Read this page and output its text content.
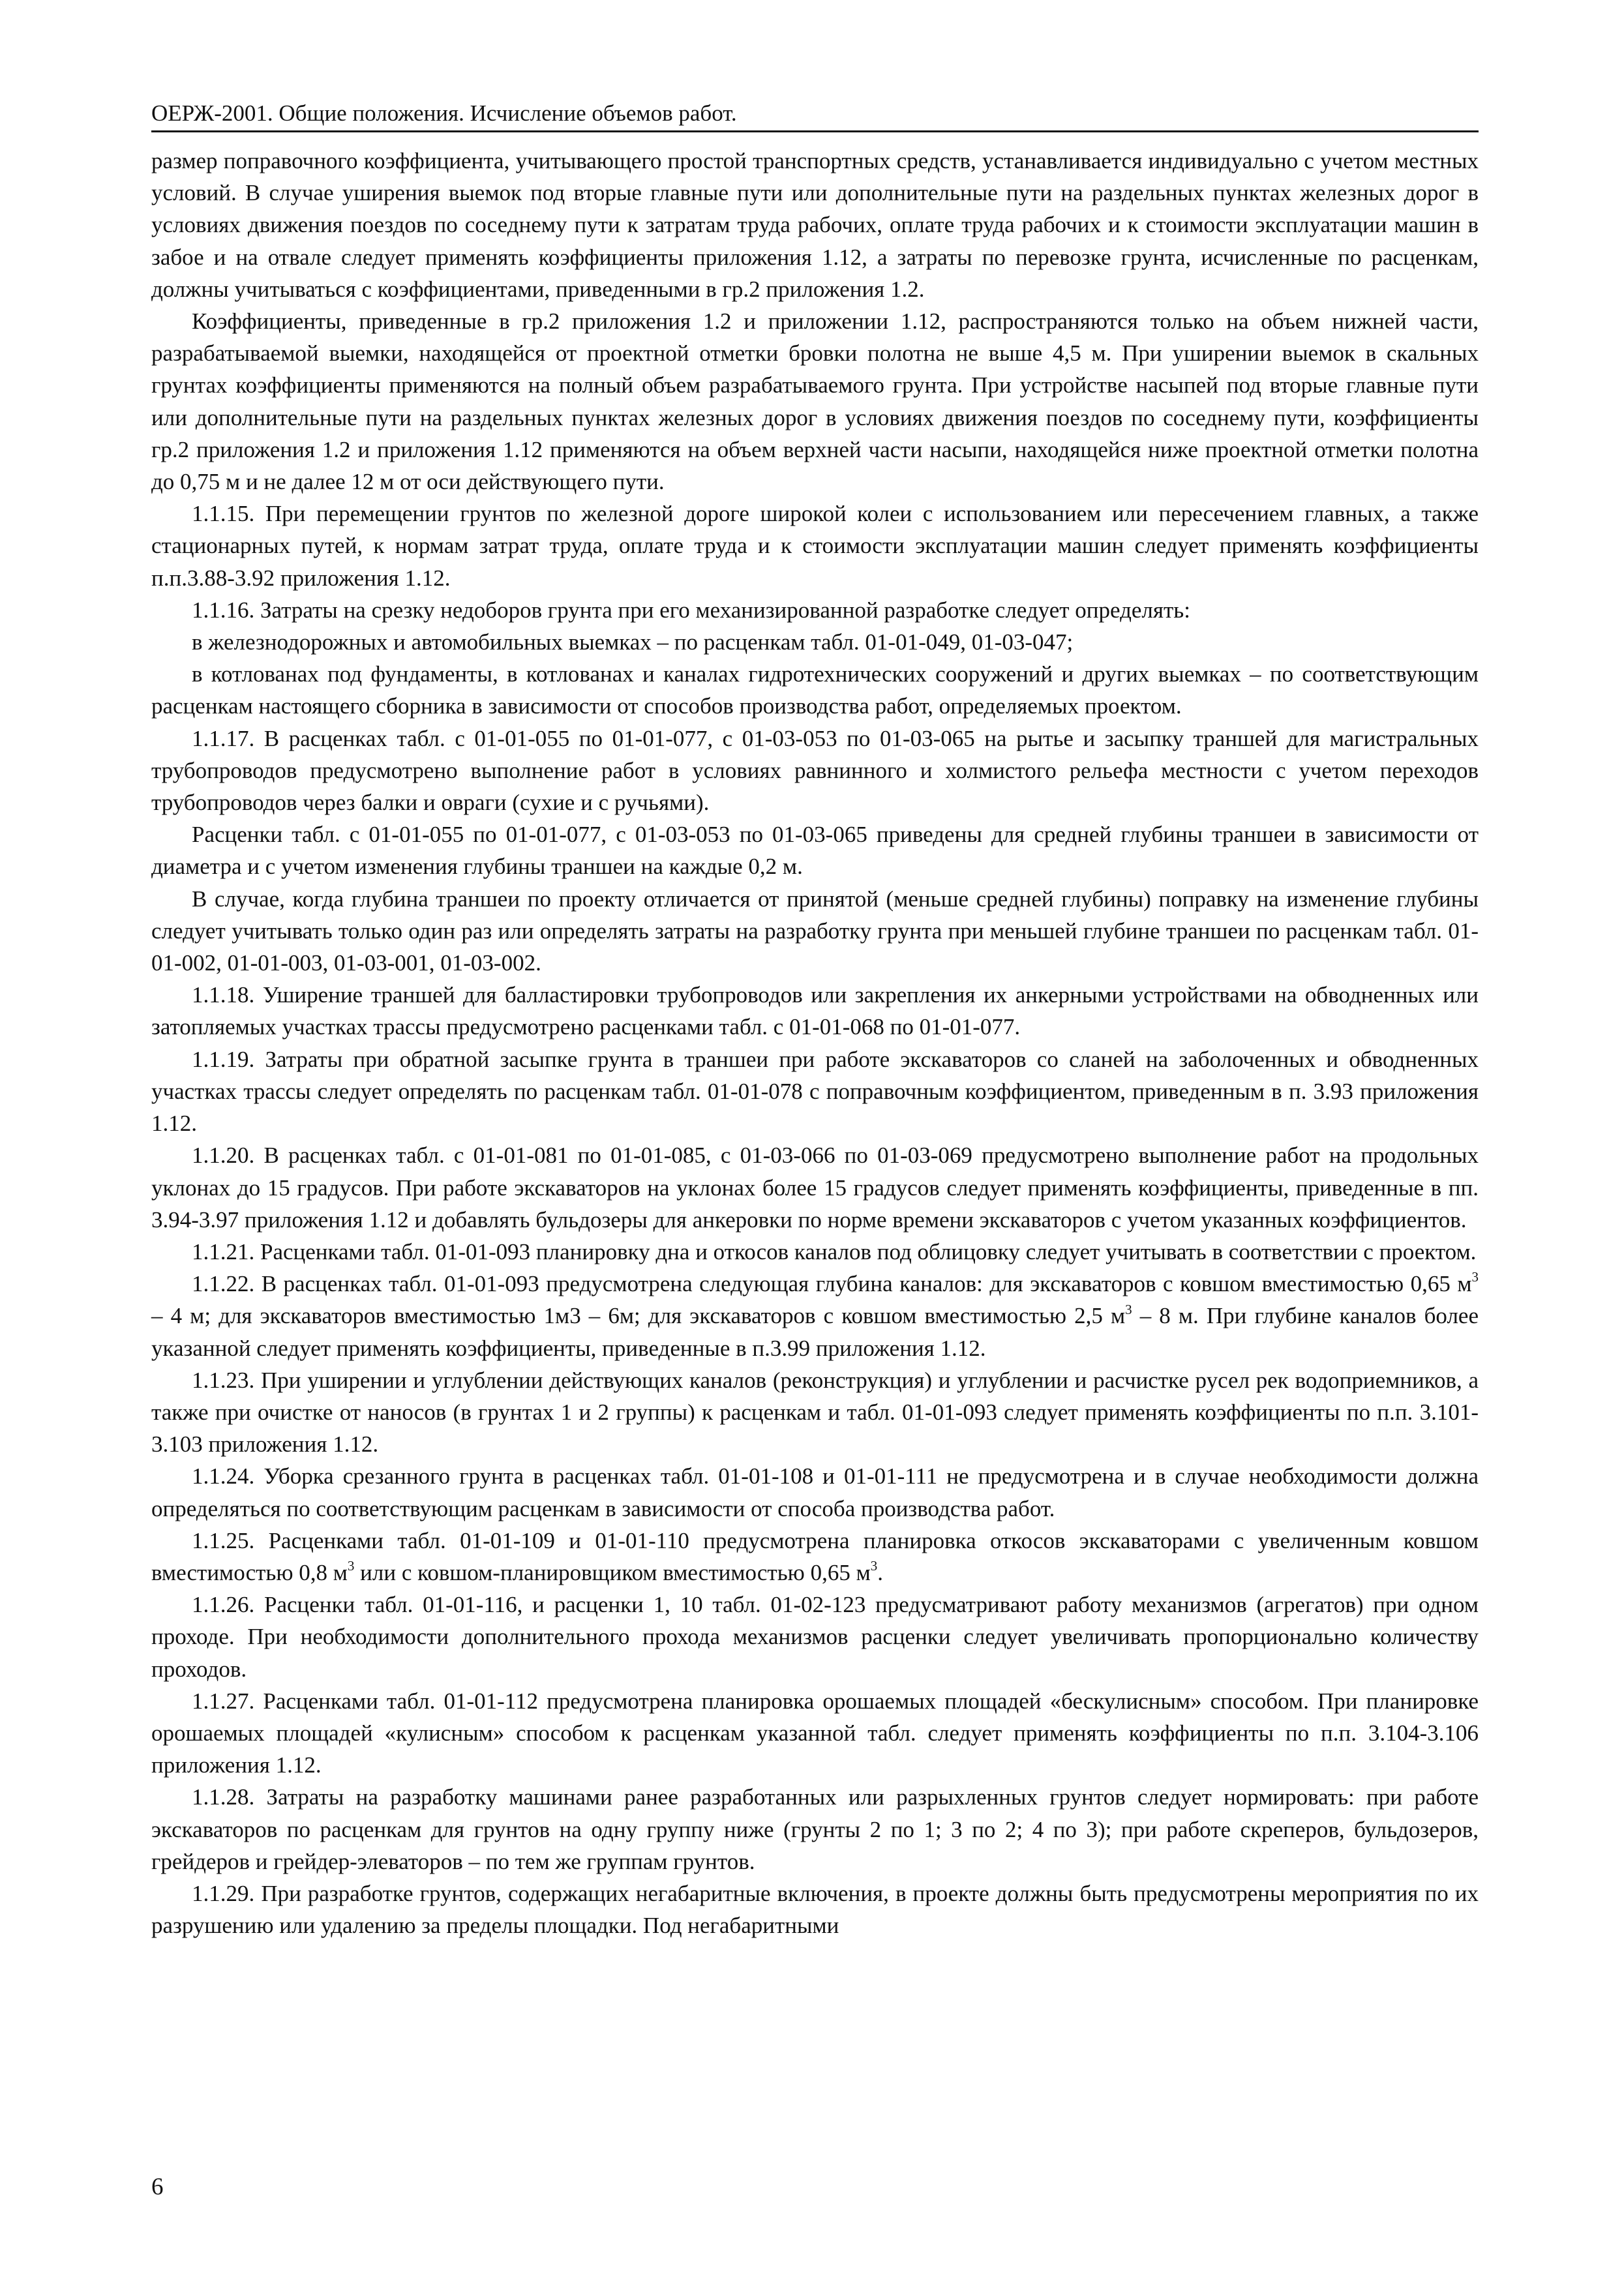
ОЕРЖ-2001. Общие положения. Исчисление объемов работ.

размер поправочного коэффициента, учитывающего простой транспортных средств, устанавливается индивидуально с учетом местных условий. В случае уширения выемок под вторые главные пути или дополнительные пути на раздельных пунктах железных дорог в условиях движения поездов по соседнему пути к затратам труда рабочих, оплате труда рабочих и к стоимости эксплуатации машин в забое и на отвале следует применять коэффициенты приложения 1.12, а затраты по перевозке грунта, исчисленные по расценкам, должны учитываться с коэффициентами, приведенными в гр.2 приложения 1.2.

Коэффициенты, приведенные в гр.2 приложения 1.2 и приложении 1.12, распространяются только на объем нижней части, разрабатываемой выемки, находящейся от проектной отметки бровки полотна не выше 4,5 м. При уширении выемок в скальных грунтах коэффициенты применяются на полный объем разрабатываемого грунта. При устройстве насыпей под вторые главные пути или дополнительные пути на раздельных пунктах железных дорог в условиях движения поездов по соседнему пути, коэффициенты гр.2 приложения 1.2 и приложения 1.12 применяются на объем верхней части насыпи, находящейся ниже проектной отметки полотна до 0,75 м и не далее 12 м от оси действующего пути.

1.1.15. При перемещении грунтов по железной дороге широкой колеи с использованием или пересечением главных, а также стационарных путей, к нормам затрат труда, оплате труда и к стоимости эксплуатации машин следует применять коэффициенты п.п.3.88-3.92 приложения 1.12.

1.1.16. Затраты на срезку недоборов грунта при его механизированной разработке следует определять:

в железнодорожных и автомобильных выемках – по расценкам табл. 01-01-049, 01-03-047;

в котлованах под фундаменты, в котлованах и каналах гидротехнических сооружений и других выемках – по соответствующим расценкам настоящего сборника в зависимости от способов производства работ, определяемых проектом.

1.1.17. В расценках табл. с 01-01-055 по 01-01-077, с 01-03-053 по 01-03-065 на рытье и засыпку траншей для магистральных трубопроводов предусмотрено выполнение работ в условиях равнинного и холмистого рельефа местности с учетом переходов трубопроводов через балки и овраги (сухие и с ручьями).

Расценки табл. с 01-01-055 по 01-01-077, с 01-03-053 по 01-03-065 приведены для средней глубины траншеи в зависимости от диаметра и с учетом изменения глубины траншеи на каждые 0,2 м.

В случае, когда глубина траншеи по проекту отличается от принятой (меньше средней глубины) поправку на изменение глубины следует учитывать только один раз или определять затраты на разработку грунта при меньшей глубине траншеи по расценкам табл. 01-01-002, 01-01-003, 01-03-001, 01-03-002.

1.1.18. Уширение траншей для балластировки трубопроводов или закрепления их анкерными устройствами на обводненных или затопляемых участках трассы предусмотрено расценками табл. с 01-01-068 по 01-01-077.

1.1.19. Затраты при обратной засыпке грунта в траншеи при работе экскаваторов со сланей на заболоченных и обводненных участках трассы следует определять по расценкам табл. 01-01-078 с поправочным коэффициентом, приведенным в п. 3.93 приложения 1.12.

1.1.20. В расценках табл. с 01-01-081 по 01-01-085, с 01-03-066 по 01-03-069 предусмотрено выполнение работ на продольных уклонах до 15 градусов. При работе экскаваторов на уклонах более 15 градусов следует применять коэффициенты, приведенные в пп. 3.94-3.97 приложения 1.12 и добавлять бульдозеры для анкеровки по норме времени экскаваторов с учетом указанных коэффициентов.

1.1.21. Расценками табл. 01-01-093 планировку дна и откосов каналов под облицовку следует учитывать в соответствии с проектом.

1.1.22. В расценках табл. 01-01-093 предусмотрена следующая глубина каналов: для экскаваторов с ковшом вместимостью 0,65 $м^3 - 4$ м; для экскаваторов вместимостью 1м3 – 6м; для экскаваторов с ковшом вместимостью 2,5 $м^3 - 8$ м. При глубине каналов более указанной следует применять коэффициенты, приведенные в п.3.99 приложения 1.12.

1.1.23. При уширении и углублении действующих каналов (реконструкция) и углублении и расчистке русел рек водоприемников, а также при очистке от наносов (в грунтах 1 и 2 группы) к расценкам и табл. 01-01-093 следует применять коэффициенты по п.п. 3.101-3.103 приложения 1.12.

1.1.24. Уборка срезанного грунта в расценках табл. 01-01-108 и 01-01-111 не предусмотрена и в случае необходимости должна определяться по соответствующим расценкам в зависимости от способа производства работ.

1.1.25. Расценками табл. 01-01-109 и 01-01-110 предусмотрена планировка откосов экскаваторами с увеличенным ковшом вместимостью 0,8 $м^3$ или с ковшом-планировщиком вместимостью 0,65 $м^3$.

1.1.26. Расценки табл. 01-01-116, и расценки 1, 10 табл. 01-02-123 предусматривают работу механизмов (агрегатов) при одном проходе. При необходимости дополнительного прохода механизмов расценки следует увеличивать пропорционально количеству проходов.

1.1.27. Расценками табл. 01-01-112 предусмотрена планировка орошаемых площадей «бескулисным» способом. При планировке орошаемых площадей «кулисным» способом к расценкам указанной табл. следует применять коэффициенты по п.п. 3.104-3.106 приложения 1.12.

1.1.28. Затраты на разработку машинами ранее разработанных или разрыхленных грунтов следует нормировать: при работе экскаваторов по расценкам для грунтов на одну группу ниже (грунты 2 по 1; 3 по 2; 4 по 3); при работе скреперов, бульдозеров, грейдеров и грейдер-элеваторов – по тем же группам грунтов.

1.1.29. При разработке грунтов, содержащих негабаритные включения, в проекте должны быть предусмотрены мероприятия по их разрушению или удалению за пределы площадки. Под негабаритными

6
